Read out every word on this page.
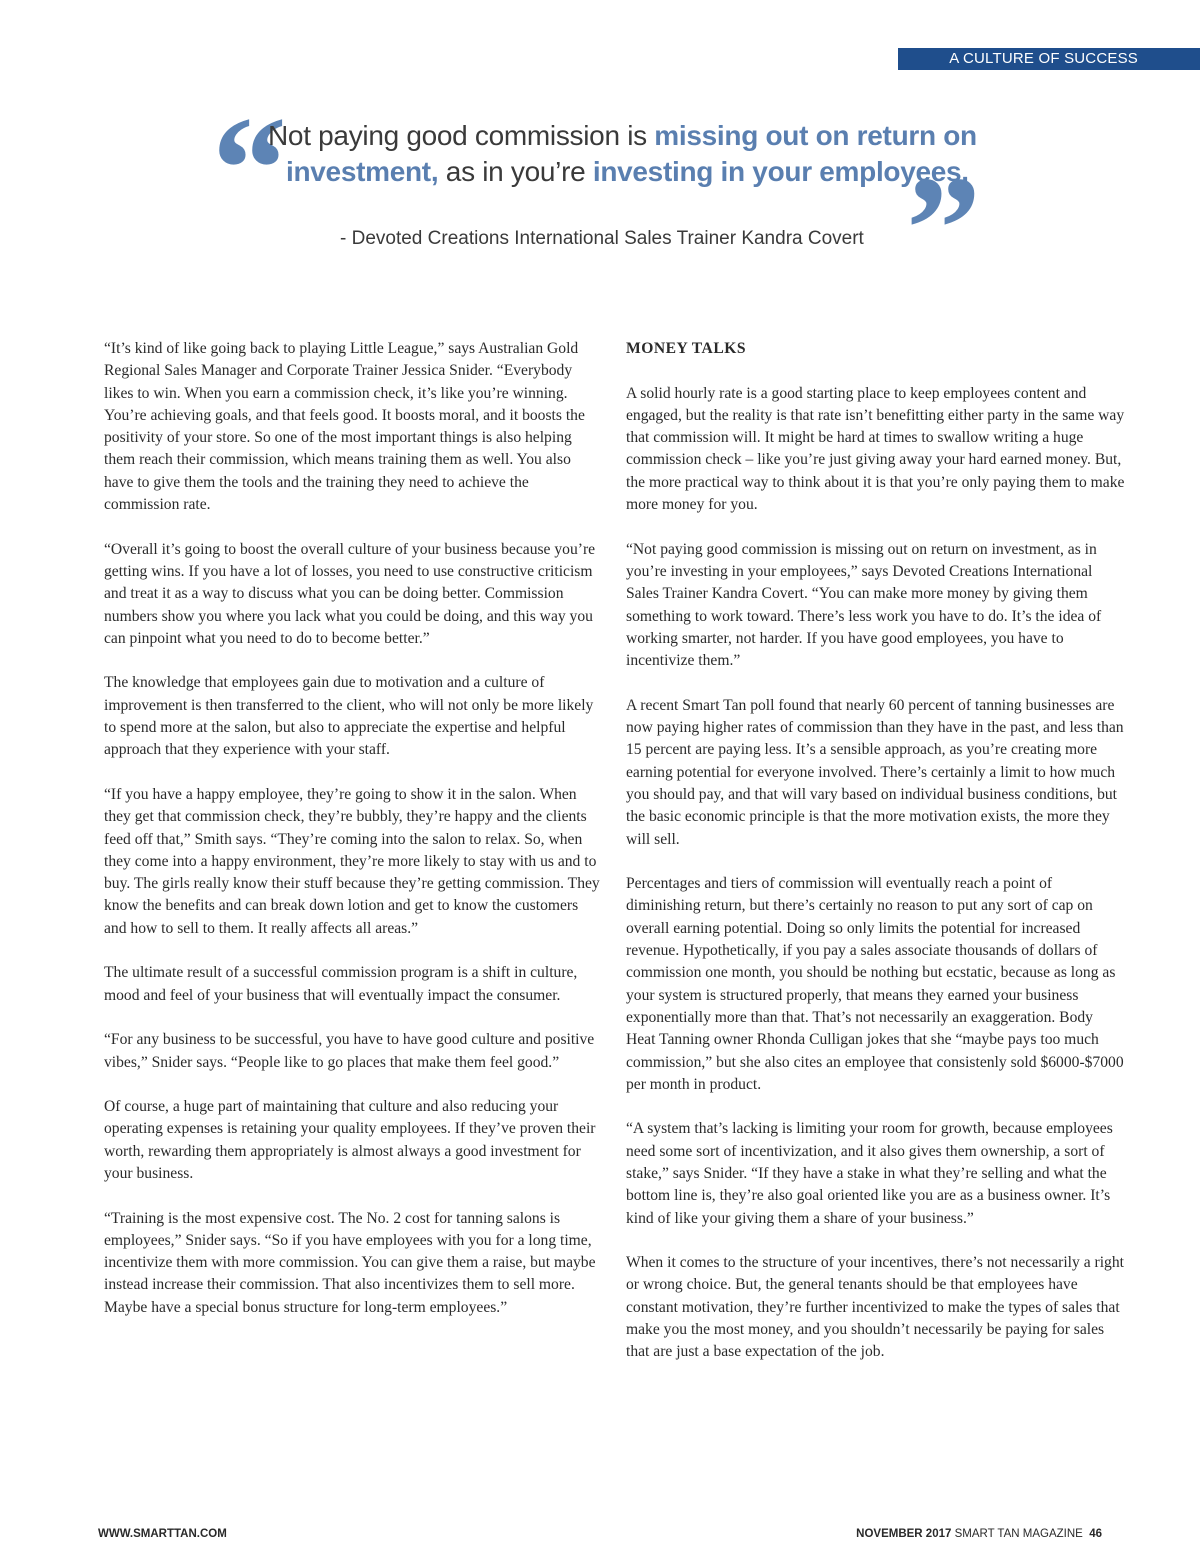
A CULTURE OF SUCCESS
“
Not paying good commission is missing out on return on
investment, as in you’re investing in your employees.
”
- Devoted Creations International Sales Trainer Kandra Covert

“It’s kind of like going back to playing Little League,” says Australian Gold Regional Sales Manager and Corporate Trainer Jessica Snider. “Everybody likes to win. When you earn a commission check, it’s like you’re winning. You’re achieving goals, and that feels good. It boosts moral, and it boosts the positivity of your store. So one of the most important things is also helping them reach their commission, which means training them as well. You also have to give them the tools and the training they need to achieve the commission rate.

“Overall it’s going to boost the overall culture of your business because you’re getting wins. If you have a lot of losses, you need to use constructive criticism and treat it as a way to discuss what you can be doing better. Commission numbers show you where you lack what you could be doing, and this way you can pinpoint what you need to do to become better.”

The knowledge that employees gain due to motivation and a culture of improvement is then transferred to the client, who will not only be more likely to spend more at the salon, but also to appreciate the expertise and helpful approach that they experience with your staff.

“If you have a happy employee, they’re going to show it in the salon. When they get that commission check, they’re bubbly, they’re happy and the clients feed off that,” Smith says. “They’re coming into the salon to relax. So, when they come into a happy environment, they’re more likely to stay with us and to buy. The girls really know their stuff because they’re getting commission. They know the benefits and can break down lotion and get to know the customers and how to sell to them. It really affects all areas.”

The ultimate result of a successful commission program is a shift in culture, mood and feel of your business that will eventually impact the consumer.

“For any business to be successful, you have to have good culture and positive vibes,” Snider says. “People like to go places that make them feel good.”

Of course, a huge part of maintaining that culture and also reducing your operating expenses is retaining your quality employees. If they’ve proven their worth, rewarding them appropriately is almost always a good investment for your business.

“Training is the most expensive cost. The No. 2 cost for tanning salons is employees,” Snider says. “So if you have employees with you for a long time, incentivize them with more commission. You can give them a raise, but maybe instead increase their commission. That also incentivizes them to sell more. Maybe have a special bonus structure for long-term employees.”

MONEY TALKS

A solid hourly rate is a good starting place to keep employees content and engaged, but the reality is that rate isn’t benefitting either party in the same way that commission will. It might be hard at times to swallow writing a huge commission check – like you’re just giving away your hard earned money. But, the more practical way to think about it is that you’re only paying them to make more money for you.

“Not paying good commission is missing out on return on investment, as in you’re investing in your employees,” says Devoted Creations International Sales Trainer Kandra Covert. “You can make more money by giving them something to work toward. There’s less work you have to do. It’s the idea of working smarter, not harder. If you have good employees, you have to incentivize them.”

A recent Smart Tan poll found that nearly 60 percent of tanning businesses are now paying higher rates of commission than they have in the past, and less than 15 percent are paying less. It’s a sensible approach, as you’re creating more earning potential for everyone involved. There’s certainly a limit to how much you should pay, and that will vary based on individual business conditions, but the basic economic principle is that the more motivation exists, the more they will sell.

Percentages and tiers of commission will eventually reach a point of diminishing return, but there’s certainly no reason to put any sort of cap on overall earning potential. Doing so only limits the potential for increased revenue. Hypothetically, if you pay a sales associate thousands of dollars of commission one month, you should be nothing but ecstatic, because as long as your system is structured properly, that means they earned your business exponentially more than that. That’s not necessarily an exaggeration. Body Heat Tanning owner Rhonda Culligan jokes that she “maybe pays too much commission,” but she also cites an employee that consistenly sold $6000-$7000 per month in product.

“A system that’s lacking is limiting your room for growth, because employees need some sort of incentivization, and it also gives them ownership, a sort of stake,” says Snider. “If they have a stake in what they’re selling and what the bottom line is, they’re also goal oriented like you are as a business owner. It’s kind of like your giving them a share of your business.”

When it comes to the structure of your incentives, there’s not necessarily a right or wrong choice. But, the general tenants should be that employees have constant motivation, they’re further incentivized to make the types of sales that make you the most money, and you shouldn’t necessarily be paying for sales that are just a base expectation of the job.

WWW.SMARTTAN.COM	NOVEMBER 2017 SMART TAN MAGAZINE 46
